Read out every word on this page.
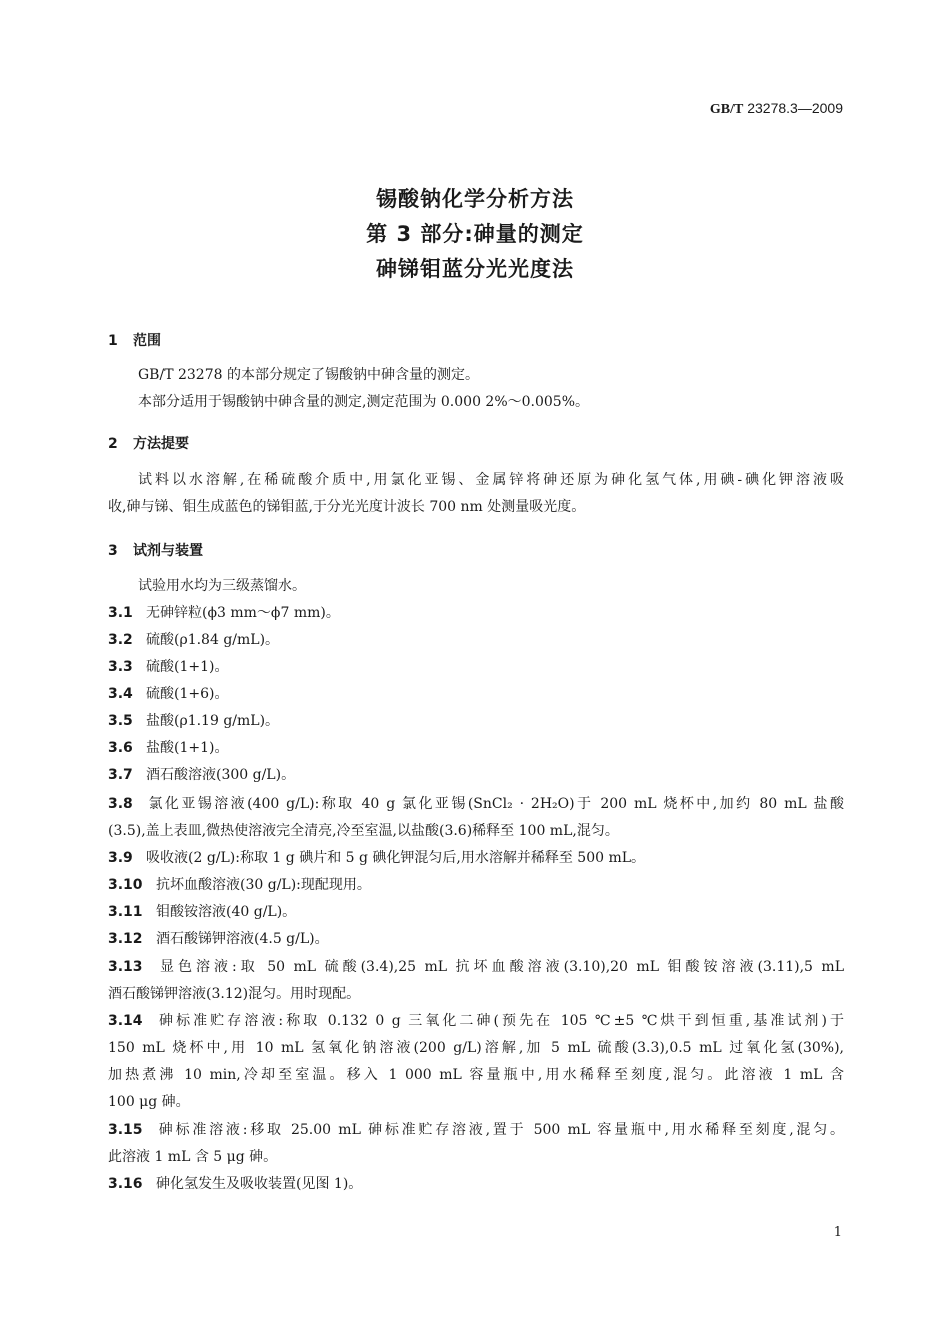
GB/T 23278.3—2009
锡酸钠化学分析方法
第 3 部分:砷量的测定
砷锑钼蓝分光光度法
1 范围
GB/T 23278 的本部分规定了锡酸钠中砷含量的测定。
本部分适用于锡酸钠中砷含量的测定,测定范围为 0.000 2%～0.005%。
2 方法提要
试料以水溶解,在稀硫酸介质中,用氯化亚锡、金属锌将砷还原为砷化氢气体,用碘-碘化钾溶液吸
收,砷与锑、钼生成蓝色的锑钼蓝,于分光光度计波长 700 nm 处测量吸光度。
3 试剂与装置
试验用水均为三级蒸馏水。
3.1 无砷锌粒(ϕ3 mm～ϕ7 mm)。
3.2 硫酸(ρ1.84 g/mL)。
3.3 硫酸(1+1)。
3.4 硫酸(1+6)。
3.5 盐酸(ρ1.19 g/mL)。
3.6 盐酸(1+1)。
3.7 酒石酸溶液(300 g/L)。
3.8 氯化亚锡溶液(400 g/L):称取 40 g 氯化亚锡(SnCl₂ · 2H₂O)于 200 mL 烧杯中,加约 80 mL 盐酸
(3.5),盖上表皿,微热使溶液完全清亮,冷至室温,以盐酸(3.6)稀释至 100 mL,混匀。
3.9 吸收液(2 g/L):称取 1 g 碘片和 5 g 碘化钾混匀后,用水溶解并稀释至 500 mL。
3.10 抗坏血酸溶液(30 g/L):现配现用。
3.11 钼酸铵溶液(40 g/L)。
3.12 酒石酸锑钾溶液(4.5 g/L)。
3.13 显色溶液:取 50 mL 硫酸(3.4),25 mL 抗坏血酸溶液(3.10),20 mL 钼酸铵溶液(3.11),5 mL
酒石酸锑钾溶液(3.12)混匀。用时现配。
3.14 砷标准贮存溶液:称取 0.132 0 g 三氧化二砷(预先在 105 ℃±5 ℃烘干到恒重,基准试剂)于
150 mL 烧杯中,用 10 mL 氢氧化钠溶液(200 g/L)溶解,加 5 mL 硫酸(3.3),0.5 mL 过氧化氢(30%),
加热煮沸 10 min,冷却至室温。移入 1 000 mL 容量瓶中,用水稀释至刻度,混匀。此溶液 1 mL 含
100 μg 砷。
3.15 砷标准溶液:移取 25.00 mL 砷标准贮存溶液,置于 500 mL 容量瓶中,用水稀释至刻度,混匀。
此溶液 1 mL 含 5 μg 砷。
3.16 砷化氢发生及吸收装置(见图 1)。
1
